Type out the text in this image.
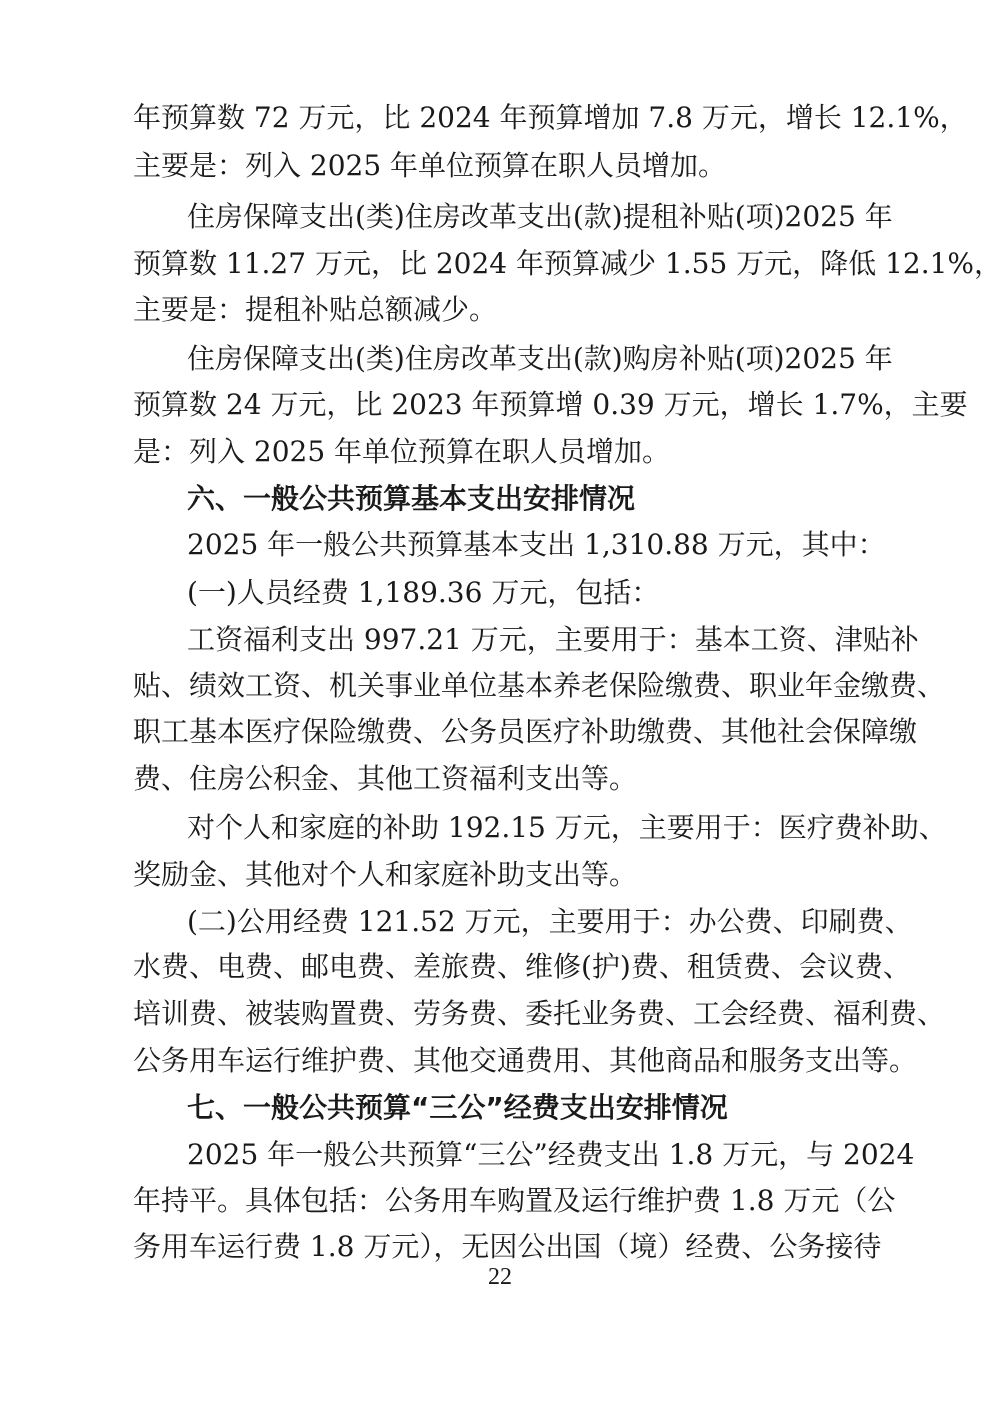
年预算数 72 万元，比 2024 年预算增加 7.8 万元，增长 12.1%，
主要是：列入 2025 年单位预算在职人员增加。
住房保障支出(类)住房改革支出(款)提租补贴(项)2025 年
预算数 11.27 万元，比 2024 年预算减少 1.55 万元，降低 12.1%，
主要是：提租补贴总额减少。
住房保障支出(类)住房改革支出(款)购房补贴(项)2025 年
预算数 24 万元，比 2023 年预算增 0.39 万元，增长 1.7%，主要
是：列入 2025 年单位预算在职人员增加。
六、一般公共预算基本支出安排情况
2025 年一般公共预算基本支出 1,310.88 万元，其中：
(一)人员经费 1,189.36 万元，包括：
工资福利支出 997.21 万元，主要用于：基本工资、津贴补
贴、绩效工资、机关事业单位基本养老保险缴费、职业年金缴费、
职工基本医疗保险缴费、公务员医疗补助缴费、其他社会保障缴
费、住房公积金、其他工资福利支出等。
对个人和家庭的补助 192.15 万元，主要用于：医疗费补助、
奖励金、其他对个人和家庭补助支出等。
(二)公用经费 121.52 万元，主要用于：办公费、印刷费、
水费、电费、邮电费、差旅费、维修(护)费、租赁费、会议费、
培训费、被装购置费、劳务费、委托业务费、工会经费、福利费、
公务用车运行维护费、其他交通费用、其他商品和服务支出等。
七、一般公共预算“三公”经费支出安排情况
2025 年一般公共预算“三公”经费支出 1.8 万元，与 2024
年持平。具体包括：公务用车购置及运行维护费 1.8 万元（公
务用车运行费 1.8 万元），无因公出国（境）经费、公务接待
22
